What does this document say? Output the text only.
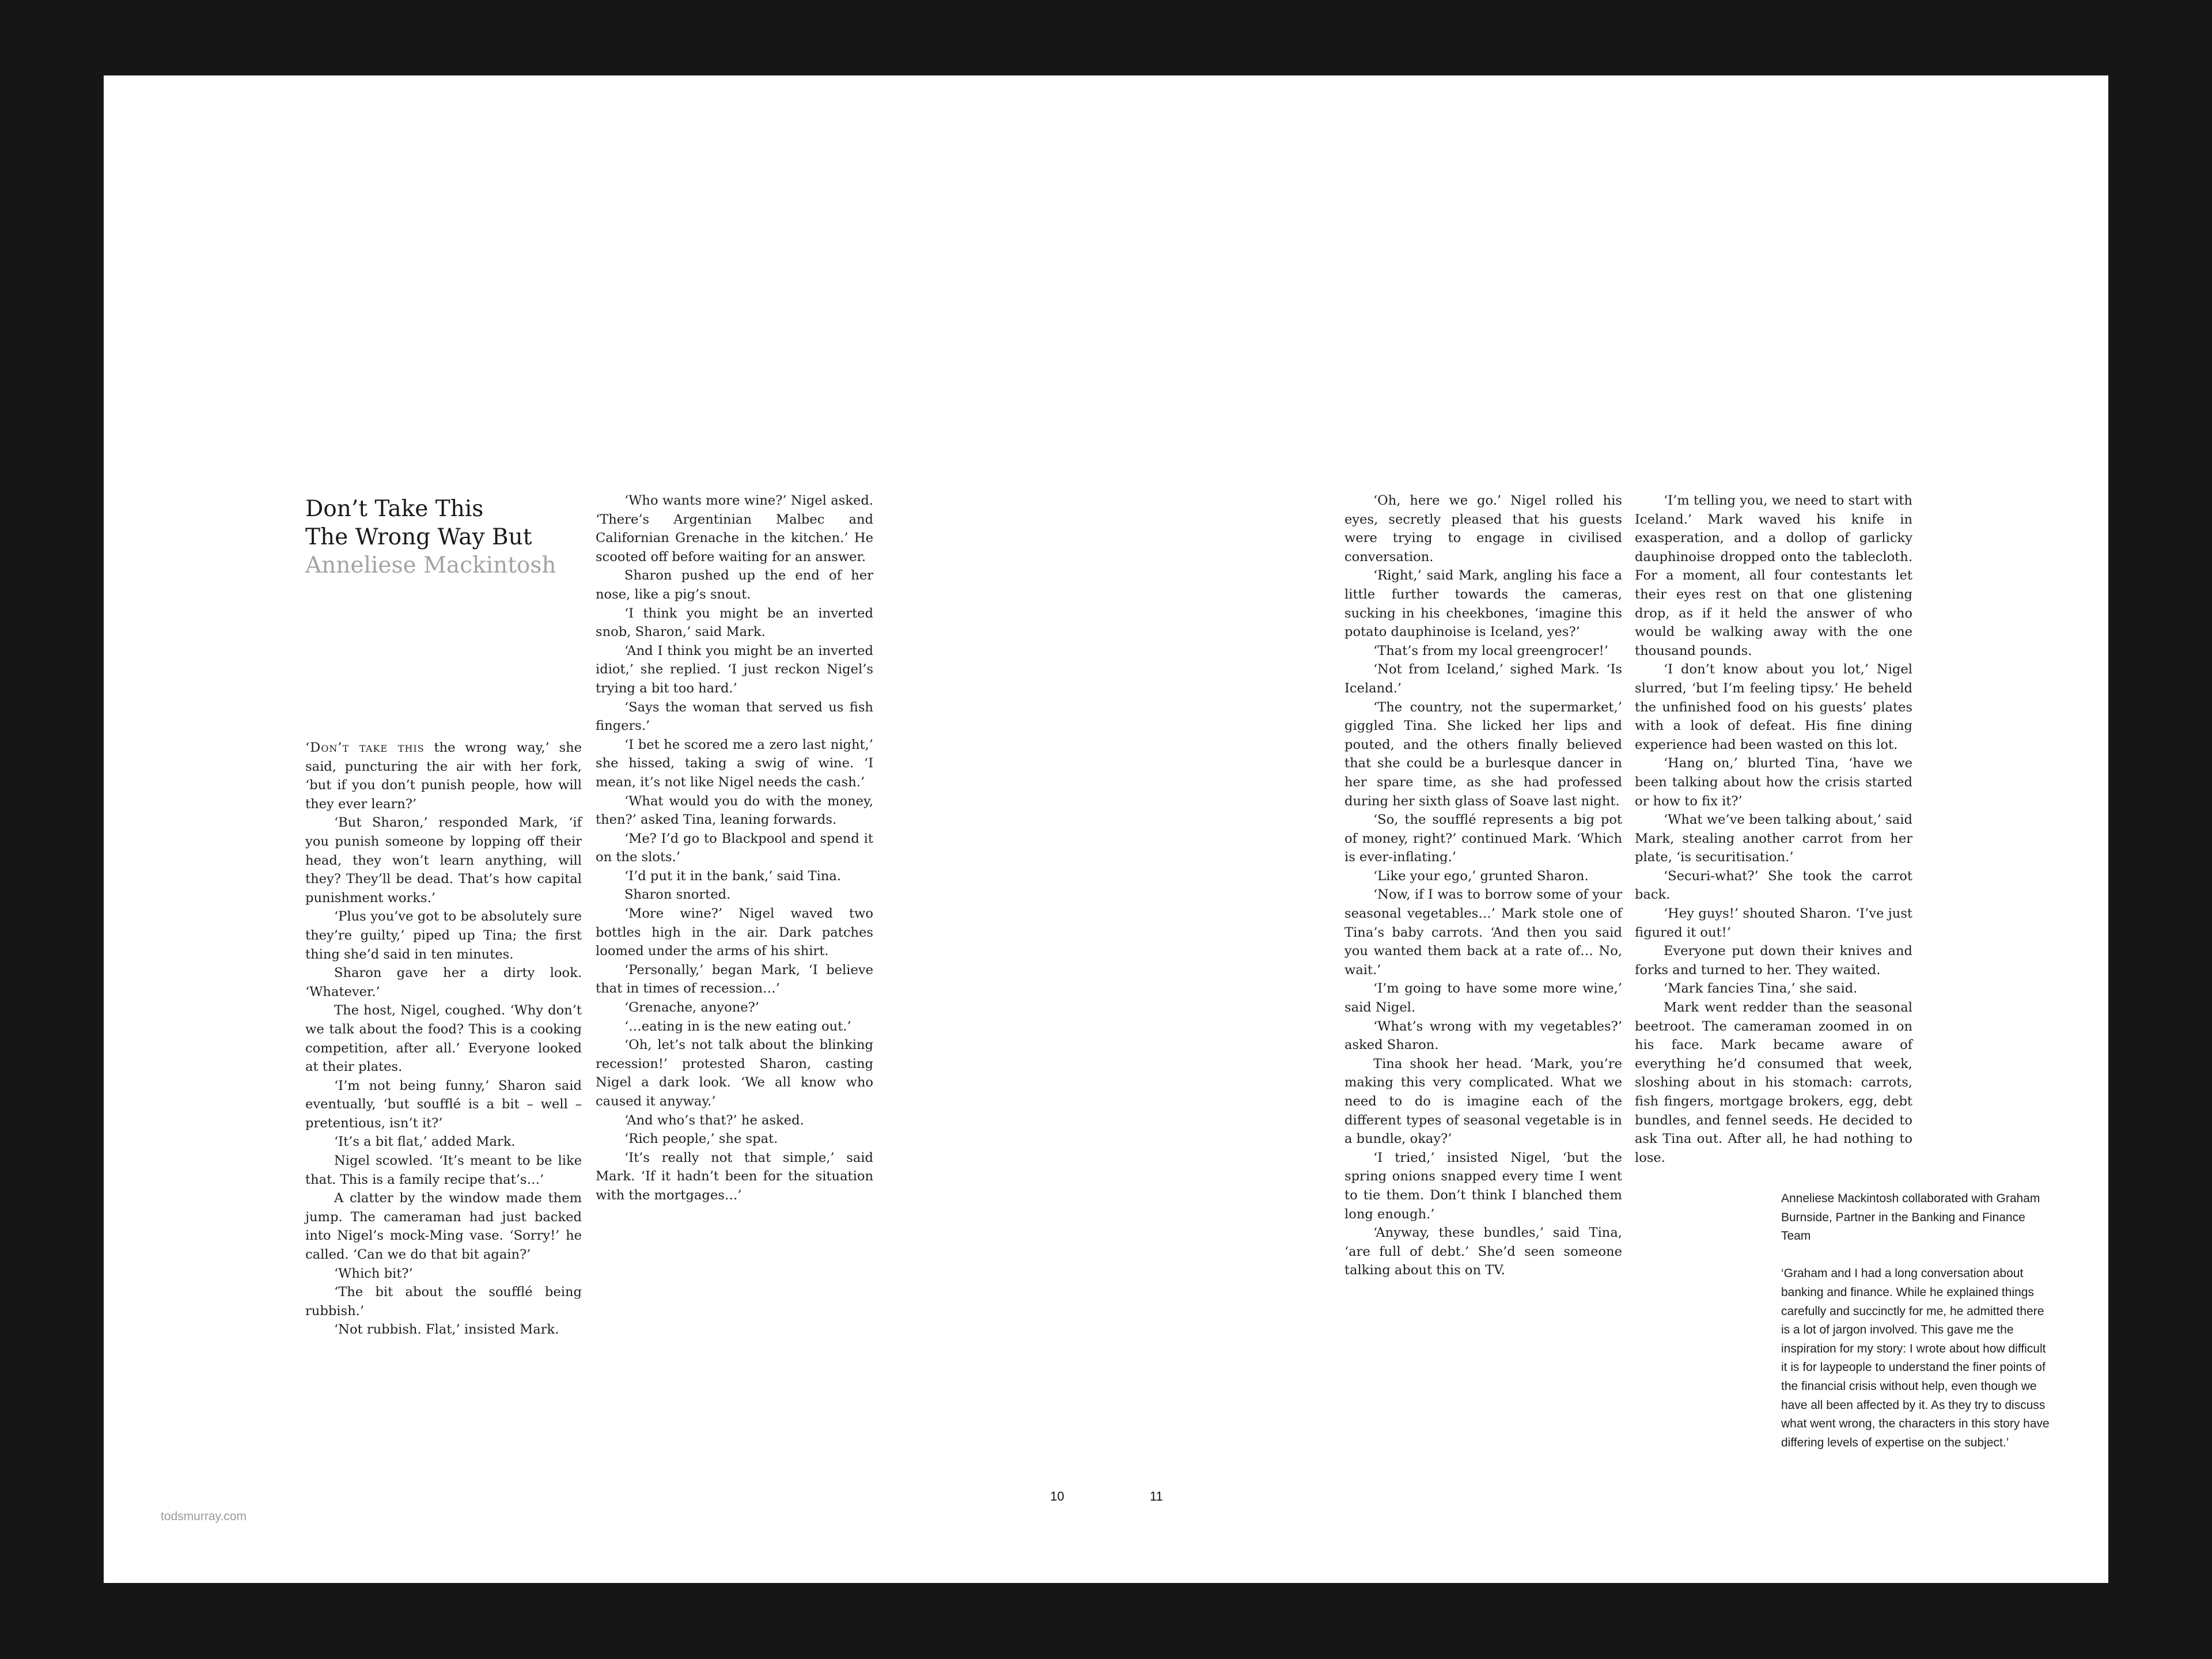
Don’t Take This
The Wrong Way But
Anneliese Mackintosh

‘Don’t take this the wrong way,’ she said, puncturing the air with her fork, ‘but if you don’t punish people, how will they ever learn?’

‘But Sharon,’ responded Mark, ‘if you punish someone by lopping off their head, they won’t learn anything, will they? They’ll be dead. That’s how capital punishment works.’

‘Plus you’ve got to be absolutely sure they’re guilty,’ piped up Tina; the first thing she’d said in ten minutes.

Sharon gave her a dirty look. ‘Whatever.’

The host, Nigel, coughed. ‘Why don’t we talk about the food? This is a cooking competition, after all.’ Everyone looked at their plates.

‘I’m not being funny,’ Sharon said eventually, ‘but soufflé is a bit – well – pretentious, isn’t it?’

‘It’s a bit flat,’ added Mark.

Nigel scowled. ‘It’s meant to be like that. This is a family recipe that’s…’

A clatter by the window made them jump. The cameraman had just backed into Nigel’s mock-Ming vase. ‘Sorry!’ he called. ‘Can we do that bit again?’

‘Which bit?’

‘The bit about the soufflé being rubbish.’

‘Not rubbish. Flat,’ insisted Mark.

‘Who wants more wine?’ Nigel asked. ‘There’s Argentinian Malbec and Californian Grenache in the kitchen.’ He scooted off before waiting for an answer.

Sharon pushed up the end of her nose, like a pig’s snout.

‘I think you might be an inverted snob, Sharon,’ said Mark.

‘And I think you might be an inverted idiot,’ she replied. ‘I just reckon Nigel’s trying a bit too hard.’

‘Says the woman that served us fish fingers.’

‘I bet he scored me a zero last night,’ she hissed, taking a swig of wine. ‘I mean, it’s not like Nigel needs the cash.’

‘What would you do with the money, then?’ asked Tina, leaning forwards.

‘Me? I’d go to Blackpool and spend it on the slots.’

‘I’d put it in the bank,’ said Tina.

Sharon snorted.

‘More wine?’ Nigel waved two bottles high in the air. Dark patches loomed under the arms of his shirt.

‘Personally,’ began Mark, ‘I believe that in times of recession…’

‘Grenache, anyone?’

‘…eating in is the new eating out.’

‘Oh, let’s not talk about the blinking recession!’ protested Sharon, casting Nigel a dark look. ‘We all know who caused it anyway.’

‘And who’s that?’ he asked.

‘Rich people,’ she spat.

‘It’s really not that simple,’ said Mark. ‘If it hadn’t been for the situation with the mortgages…’

‘Oh, here we go.’ Nigel rolled his eyes, secretly pleased that his guests were trying to engage in civilised conversation.

‘Right,’ said Mark, angling his face a little further towards the cameras, sucking in his cheekbones, ‘imagine this potato dauphinoise is Iceland, yes?’

‘That’s from my local greengrocer!’

‘Not from Iceland,’ sighed Mark. ‘Is Iceland.’

‘The country, not the supermarket,’ giggled Tina. She licked her lips and pouted, and the others finally believed that she could be a burlesque dancer in her spare time, as she had professed during her sixth glass of Soave last night.

‘So, the soufflé represents a big pot of money, right?’ continued Mark. ‘Which is ever-inflating.’

‘Like your ego,’ grunted Sharon.

‘Now, if I was to borrow some of your seasonal vegetables…’ Mark stole one of Tina’s baby carrots. ‘And then you said you wanted them back at a rate of… No, wait.’

‘I’m going to have some more wine,’ said Nigel.

‘What’s wrong with my vegetables?’ asked Sharon.

Tina shook her head. ‘Mark, you’re making this very complicated. What we need to do is imagine each of the different types of seasonal vegetable is in a bundle, okay?’

‘I tried,’ insisted Nigel, ‘but the spring onions snapped every time I went to tie them. Don’t think I blanched them long enough.’

‘Anyway, these bundles,’ said Tina, ‘are full of debt.’ She’d seen someone talking about this on TV.

‘I’m telling you, we need to start with Iceland.’ Mark waved his knife in exasperation, and a dollop of garlicky dauphinoise dropped onto the tablecloth. For a moment, all four contestants let their eyes rest on that one glistening drop, as if it held the answer of who would be walking away with the one thousand pounds.

‘I don’t know about you lot,’ Nigel slurred, ‘but I’m feeling tipsy.’ He beheld the unfinished food on his guests’ plates with a look of defeat. His fine dining experience had been wasted on this lot.

‘Hang on,’ blurted Tina, ‘have we been talking about how the crisis started or how to fix it?’

‘What we’ve been talking about,’ said Mark, stealing another carrot from her plate, ‘is securitisation.’

‘Securi-what?’ She took the carrot back.

‘Hey guys!’ shouted Sharon. ‘I’ve just figured it out!’

Everyone put down their knives and forks and turned to her. They waited.

‘Mark fancies Tina,’ she said.

Mark went redder than the seasonal beetroot. The cameraman zoomed in on his face. Mark became aware of everything he’d consumed that week, sloshing about in his stomach: carrots, fish fingers, mortgage brokers, egg, debt bundles, and fennel seeds. He decided to ask Tina out. After all, he had nothing to lose.

Anneliese Mackintosh collaborated with Graham Burnside, Partner in the Banking and Finance Team

‘Graham and I had a long conversation about banking and finance. While he explained things carefully and succinctly for me, he admitted there is a lot of jargon involved. This gave me the inspiration for my story: I wrote about how difficult it is for laypeople to understand the finer points of the financial crisis without help, even though we have all been affected by it. As they try to discuss what went wrong, the characters in this story have differing levels of expertise on the subject.’

10	11
todsmurray.com
